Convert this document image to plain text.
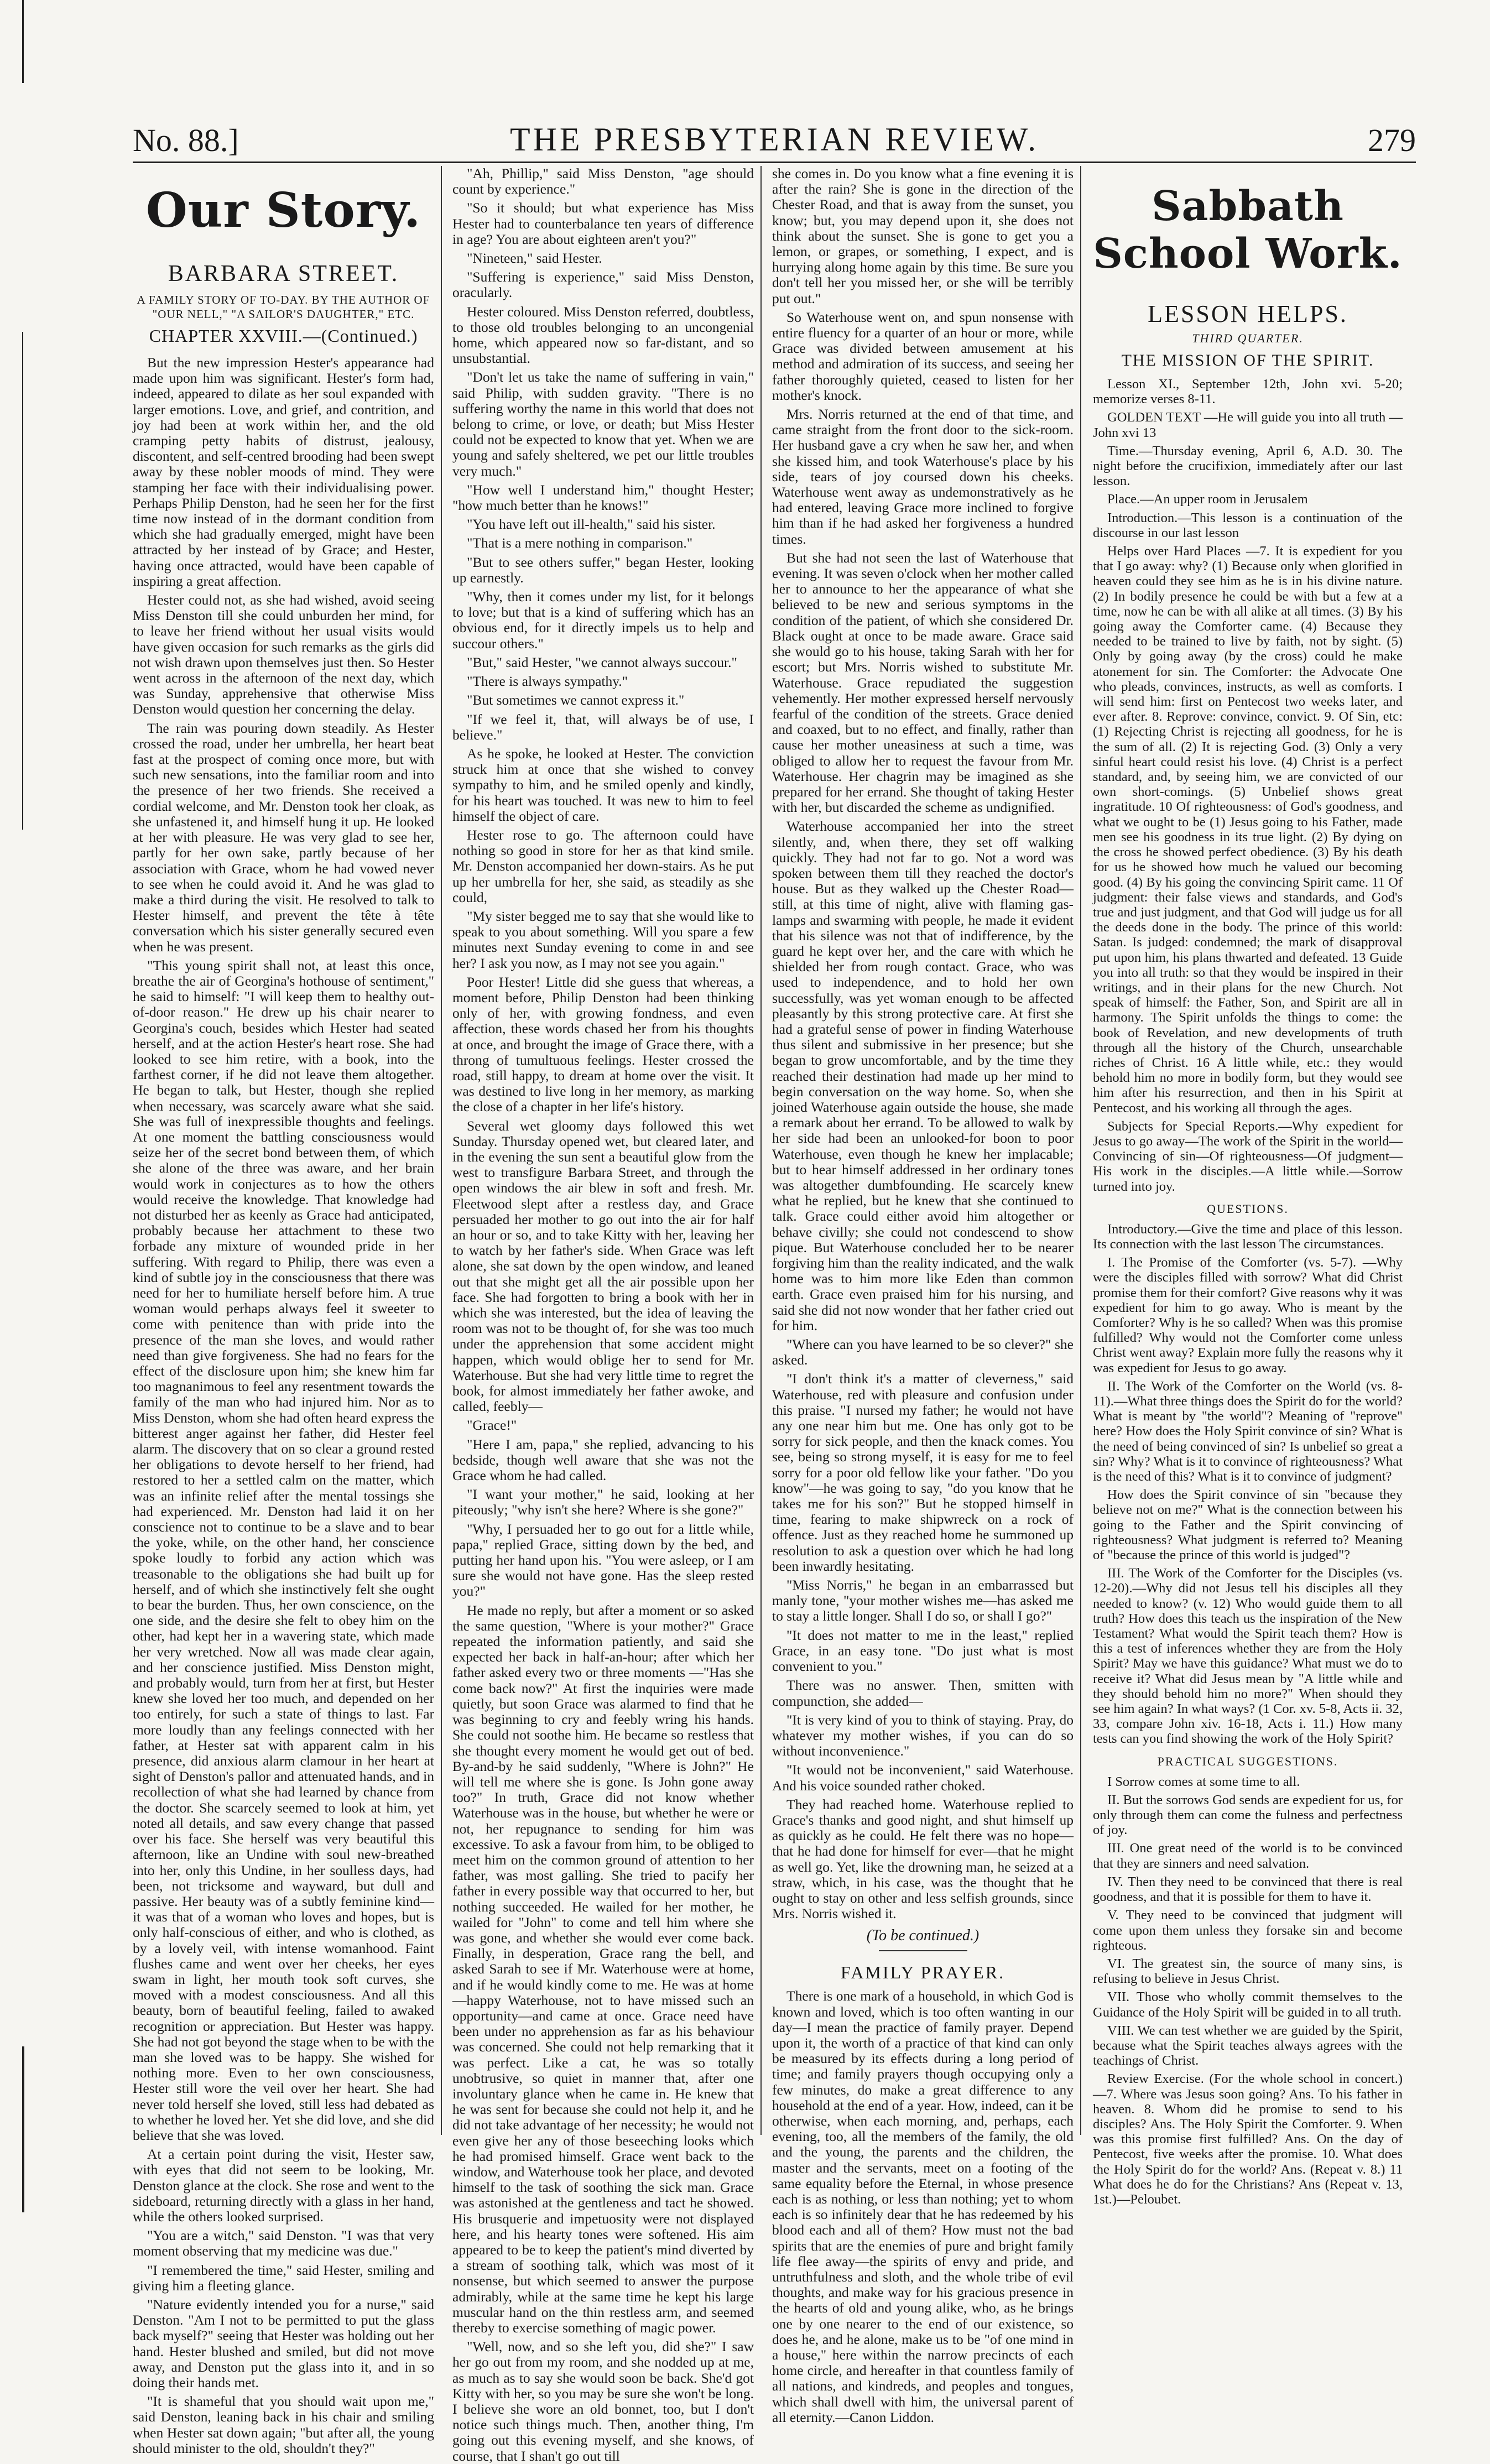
No. 88.]	THE PRESBYTERIAN REVIEW.	279
Our Story.
BARBARA STREET.
A FAMILY STORY OF TO-DAY. BY THE AUTHOR OF "OUR NELL," "A SAILOR'S DAUGHTER," ETC.
CHAPTER XXVIII.—(Continued.)

But the new impression Hester's appearance had made upon him was significant. Hester's form had, indeed, appeared to dilate as her soul expanded with larger emotions. Love, and grief, and contrition, and joy had been at work within her, and the old cramping petty habits of distrust, jealousy, discontent, and self-centred brooding had been swept away by these nobler moods of mind. They were stamping her face with their individualising power. Perhaps Philip Denston, had he seen her for the first time now instead of in the dormant condition from which she had gradually emerged, might have been attracted by her instead of by Grace; and Hester, having once attracted, would have been capable of inspiring a great affection.

Hester could not, as she had wished, avoid seeing Miss Denston till she could unburden her mind, for to leave her friend without her usual visits would have given occasion for such remarks as the girls did not wish drawn upon themselves just then. So Hester went across in the afternoon of the next day, which was Sunday, apprehensive that otherwise Miss Denston would question her concerning the delay.

The rain was pouring down steadily. As Hester crossed the road, under her umbrella, her heart beat fast at the prospect of coming once more, but with such new sensations, into the familiar room and into the presence of her two friends. She received a cordial welcome, and Mr. Denston took her cloak, as she unfastened it, and himself hung it up. He looked at her with pleasure. He was very glad to see her, partly for her own sake, partly because of her association with Grace, whom he had vowed never to see when he could avoid it. And he was glad to make a third during the visit. He resolved to talk to Hester himself, and prevent the tête à tête conversation which his sister generally secured even when he was present.

"This young spirit shall not, at least this once, breathe the air of Georgina's hothouse of sentiment," he said to himself: "I will keep them to healthy out-of-door reason." He drew up his chair nearer to Georgina's couch, besides which Hester had seated herself, and at the action Hester's heart rose. She had looked to see him retire, with a book, into the farthest corner, if he did not leave them altogether. He began to talk, but Hester, though she replied when necessary, was scarcely aware what she said. She was full of inexpressible thoughts and feelings. At one moment the battling consciousness would seize her of the secret bond between them, of which she alone of the three was aware, and her brain would work in conjectures as to how the others would receive the knowledge. That knowledge had not disturbed her as keenly as Grace had anticipated, probably because her attachment to these two forbade any mixture of wounded pride in her suffering. With regard to Philip, there was even a kind of subtle joy in the consciousness that there was need for her to humiliate herself before him. A true woman would perhaps always feel it sweeter to come with penitence than with pride into the presence of the man she loves, and would rather need than give forgiveness. She had no fears for the effect of the disclosure upon him; she knew him far too magnanimous to feel any resentment towards the family of the man who had injured him. Nor as to Miss Denston, whom she had often heard express the bitterest anger against her father, did Hester feel alarm. The discovery that on so clear a ground rested her obligations to devote herself to her friend, had restored to her a settled calm on the matter, which was an infinite relief after the mental tossings she had experienced. Mr. Denston had laid it on her conscience not to continue to be a slave and to bear the yoke, while, on the other hand, her conscience spoke loudly to forbid any action which was treasonable to the obligations she had built up for herself, and of which she instinctively felt she ought to bear the burden. Thus, her own conscience, on the one side, and the desire she felt to obey him on the other, had kept her in a wavering state, which made her very wretched. Now all was made clear again, and her conscience justified. Miss Denston might, and probably would, turn from her at first, but Hester knew she loved her too much, and depended on her too entirely, for such a state of things to last. Far more loudly than any feelings connected with her father, at Hester sat with apparent calm in his presence, did anxious alarm clamour in her heart at sight of Denston's pallor and attenuated hands, and in recollection of what she had learned by chance from the doctor. She scarcely seemed to look at him, yet noted all details, and saw every change that passed over his face. She herself was very beautiful this afternoon, like an Undine with soul new-breathed into her, only this Undine, in her soulless days, had been, not tricksome and wayward, but dull and passive. Her beauty was of a subtly feminine kind—it was that of a woman who loves and hopes, but is only half-conscious of either, and who is clothed, as by a lovely veil, with intense womanhood. Faint flushes came and went over her cheeks, her eyes swam in light, her mouth took soft curves, she moved with a modest consciousness. And all this beauty, born of beautiful feeling, failed to awaked recognition or appreciation. But Hester was happy. She had not got beyond the stage when to be with the man she loved was to be happy. She wished for nothing more. Even to her own consciousness, Hester still wore the veil over her heart. She had never told herself she loved, still less had debated as to whether he loved her. Yet she did love, and she did believe that she was loved.

At a certain point during the visit, Hester saw, with eyes that did not seem to be looking, Mr. Denston glance at the clock. She rose and went to the sideboard, returning directly with a glass in her hand, while the others looked surprised.

"You are a witch," said Denston. "I was that very moment observing that my medicine was due."

"I remembered the time," said Hester, smiling and giving him a fleeting glance.

"Nature evidently intended you for a nurse," said Denston. "Am I not to be permitted to put the glass back myself?" seeing that Hester was holding out her hand. Hester blushed and smiled, but did not move away, and Denston put the glass into it, and in so doing their hands met.

"It is shameful that you should wait upon me," said Denston, leaning back in his chair and smiling when Hester sat down again; "but after all, the young should minister to the old, shouldn't they?"

"Ah, Phillip," said Miss Denston, "age should count by experience."

"So it should; but what experience has Miss Hester had to counterbalance ten years of difference in age? You are about eighteen aren't you?"

"Nineteen," said Hester.

"Suffering is experience," said Miss Denston, oracularly.

Hester coloured. Miss Denston referred, doubtless, to those old troubles belonging to an uncongenial home, which appeared now so far-distant, and so unsubstantial.

"Don't let us take the name of suffering in vain," said Philip, with sudden gravity. "There is no suffering worthy the name in this world that does not belong to crime, or love, or death; but Miss Hester could not be expected to know that yet. When we are young and safely sheltered, we pet our little troubles very much."

"How well I understand him," thought Hester; "how much better than he knows!"

"You have left out ill-health," said his sister.

"That is a mere nothing in comparison."

"But to see others suffer," began Hester, looking up earnestly.

"Why, then it comes under my list, for it belongs to love; but that is a kind of suffering which has an obvious end, for it directly impels us to help and succour others."

"But," said Hester, "we cannot always succour."

"There is always sympathy."

"But sometimes we cannot express it."

"If we feel it, that, will always be of use, I believe."

As he spoke, he looked at Hester. The conviction struck him at once that she wished to convey sympathy to him, and he smiled openly and kindly, for his heart was touched. It was new to him to feel himself the object of care.

Hester rose to go. The afternoon could have nothing so good in store for her as that kind smile. Mr. Denston accompanied her down-stairs. As he put up her umbrella for her, she said, as steadily as she could,

"My sister begged me to say that she would like to speak to you about something. Will you spare a few minutes next Sunday evening to come in and see her? I ask you now, as I may not see you again."

Poor Hester! Little did she guess that whereas, a moment before, Philip Denston had been thinking only of her, with growing fondness, and even affection, these words chased her from his thoughts at once, and brought the image of Grace there, with a throng of tumultuous feelings. Hester crossed the road, still happy, to dream at home over the visit. It was destined to live long in her memory, as marking the close of a chapter in her life's history.

Several wet gloomy days followed this wet Sunday. Thursday opened wet, but cleared later, and in the evening the sun sent a beautiful glow from the west to transfigure Barbara Street, and through the open windows the air blew in soft and fresh. Mr. Fleetwood slept after a restless day, and Grace persuaded her mother to go out into the air for half an hour or so, and to take Kitty with her, leaving her to watch by her father's side. When Grace was left alone, she sat down by the open window, and leaned out that she might get all the air possible upon her face. She had forgotten to bring a book with her in which she was interested, but the idea of leaving the room was not to be thought of, for she was too much under the apprehension that some accident might happen, which would oblige her to send for Mr. Waterhouse. But she had very little time to regret the book, for almost immediately her father awoke, and called, feebly—

"Grace!"

"Here I am, papa," she replied, advancing to his bedside, though well aware that she was not the Grace whom he had called.

"I want your mother," he said, looking at her piteously; "why isn't she here? Where is she gone?"

"Why, I persuaded her to go out for a little while, papa," replied Grace, sitting down by the bed, and putting her hand upon his. "You were asleep, or I am sure she would not have gone. Has the sleep rested you?"

He made no reply, but after a moment or so asked the same question, "Where is your mother?" Grace repeated the information patiently, and said she expected her back in half-an-hour; after which her father asked every two or three moments —"Has she come back now?" At first the inquiries were made quietly, but soon Grace was alarmed to find that he was beginning to cry and feebly wring his hands. She could not soothe him. He became so restless that she thought every moment he would get out of bed. By-and-by he said suddenly, "Where is John?" He will tell me where she is gone. Is John gone away too?" In truth, Grace did not know whether Waterhouse was in the house, but whether he were or not, her repugnance to sending for him was excessive. To ask a favour from him, to be obliged to meet him on the common ground of attention to her father, was most galling. She tried to pacify her father in every possible way that occurred to her, but nothing succeeded. He wailed for her mother, he wailed for "John" to come and tell him where she was gone, and whether she would ever come back. Finally, in desperation, Grace rang the bell, and asked Sarah to see if Mr. Waterhouse were at home, and if he would kindly come to me. He was at home—happy Waterhouse, not to have missed such an opportunity—and came at once. Grace need have been under no apprehension as far as his behaviour was concerned. She could not help remarking that it was perfect. Like a cat, he was so totally unobtrusive, so quiet in manner that, after one involuntary glance when he came in. He knew that he was sent for because she could not help it, and he did not take advantage of her necessity; he would not even give her any of those beseeching looks which he had promised himself. Grace went back to the window, and Waterhouse took her place, and devoted himself to the task of soothing the sick man. Grace was astonished at the gentleness and tact he showed. His brusquerie and impetuosity were not displayed here, and his hearty tones were softened. His aim appeared to be to keep the patient's mind diverted by a stream of soothing talk, which was most of it nonsense, but which seemed to answer the purpose admirably, while at the same time he kept his large muscular hand on the thin restless arm, and seemed thereby to exercise something of magic power.

"Well, now, and so she left you, did she?" I saw her go out from my room, and she nodded up at me, as much as to say she would soon be back. She'd got Kitty with her, so you may be sure she won't be long. I believe she wore an old bonnet, too, but I don't notice such things much. Then, another thing, I'm going out this evening myself, and she knows, of course, that I shan't go out till

she comes in. Do you know what a fine evening it is after the rain? She is gone in the direction of the Chester Road, and that is away from the sunset, you know; but, you may depend upon it, she does not think about the sunset. She is gone to get you a lemon, or grapes, or something, I expect, and is hurrying along home again by this time. Be sure you don't tell her you missed her, or she will be terribly put out."

So Waterhouse went on, and spun nonsense with entire fluency for a quarter of an hour or more, while Grace was divided between amusement at his method and admiration of its success, and seeing her father thoroughly quieted, ceased to listen for her mother's knock.

Mrs. Norris returned at the end of that time, and came straight from the front door to the sick-room. Her husband gave a cry when he saw her, and when she kissed him, and took Waterhouse's place by his side, tears of joy coursed down his cheeks. Waterhouse went away as undemonstratively as he had entered, leaving Grace more inclined to forgive him than if he had asked her forgiveness a hundred times.

But she had not seen the last of Waterhouse that evening. It was seven o'clock when her mother called her to announce to her the appearance of what she believed to be new and serious symptoms in the condition of the patient, of which she considered Dr. Black ought at once to be made aware. Grace said she would go to his house, taking Sarah with her for escort; but Mrs. Norris wished to substitute Mr. Waterhouse. Grace repudiated the suggestion vehemently. Her mother expressed herself nervously fearful of the condition of the streets. Grace denied and coaxed, but to no effect, and finally, rather than cause her mother uneasiness at such a time, was obliged to allow her to request the favour from Mr. Waterhouse. Her chagrin may be imagined as she prepared for her errand. She thought of taking Hester with her, but discarded the scheme as undignified.

Waterhouse accompanied her into the street silently, and, when there, they set off walking quickly. They had not far to go. Not a word was spoken between them till they reached the doctor's house. But as they walked up the Chester Road—still, at this time of night, alive with flaming gas-lamps and swarming with people, he made it evident that his silence was not that of indifference, by the guard he kept over her, and the care with which he shielded her from rough contact. Grace, who was used to independence, and to hold her own successfully, was yet woman enough to be affected pleasantly by this strong protective care. At first she had a grateful sense of power in finding Waterhouse thus silent and submissive in her presence; but she began to grow uncomfortable, and by the time they reached their destination had made up her mind to begin conversation on the way home. So, when she joined Waterhouse again outside the house, she made a remark about her errand. To be allowed to walk by her side had been an unlooked-for boon to poor Waterhouse, even though he knew her implacable; but to hear himself addressed in her ordinary tones was altogether dumbfounding. He scarcely knew what he replied, but he knew that she continued to talk. Grace could either avoid him altogether or behave civilly; she could not condescend to show pique. But Waterhouse concluded her to be nearer forgiving him than the reality indicated, and the walk home was to him more like Eden than common earth. Grace even praised him for his nursing, and said she did not now wonder that her father cried out for him.

"Where can you have learned to be so clever?" she asked.

"I don't think it's a matter of cleverness," said Waterhouse, red with pleasure and confusion under this praise. "I nursed my father; he would not have any one near him but me. One has only got to be sorry for sick people, and then the knack comes. You see, being so strong myself, it is easy for me to feel sorry for a poor old fellow like your father. "Do you know"—he was going to say, "do you know that he takes me for his son?" But he stopped himself in time, fearing to make shipwreck on a rock of offence. Just as they reached home he summoned up resolution to ask a question over which he had long been inwardly hesitating.

"Miss Norris," he began in an embarrassed but manly tone, "your mother wishes me—has asked me to stay a little longer. Shall I do so, or shall I go?"

"It does not matter to me in the least," replied Grace, in an easy tone. "Do just what is most convenient to you."

There was no answer. Then, smitten with compunction, she added—

"It is very kind of you to think of staying. Pray, do whatever my mother wishes, if you can do so without inconvenience."

"It would not be inconvenient," said Waterhouse. And his voice sounded rather choked.

They had reached home. Waterhouse replied to Grace's thanks and good night, and shut himself up as quickly as he could. He felt there was no hope—that he had done for himself for ever—that he might as well go. Yet, like the drowning man, he seized at a straw, which, in his case, was the thought that he ought to stay on other and less selfish grounds, since Mrs. Norris wished it.

(To be continued.)
FAMILY PRAYER.

There is one mark of a household, in which God is known and loved, which is too often wanting in our day—I mean the practice of family prayer. Depend upon it, the worth of a practice of that kind can only be measured by its effects during a long period of time; and family prayers though occupying only a few minutes, do make a great difference to any household at the end of a year. How, indeed, can it be otherwise, when each morning, and, perhaps, each evening, too, all the members of the family, the old and the young, the parents and the children, the master and the servants, meet on a footing of the same equality before the Eternal, in whose presence each is as nothing, or less than nothing; yet to whom each is so infinitely dear that he has redeemed by his blood each and all of them? How must not the bad spirits that are the enemies of pure and bright family life flee away—the spirits of envy and pride, and untruthfulness and sloth, and the whole tribe of evil thoughts, and make way for his gracious presence in the hearts of old and young alike, who, as he brings one by one nearer to the end of our existence, so does he, and he alone, make us to be "of one mind in a house," here within the narrow precincts of each home circle, and hereafter in that countless family of all nations, and kindreds, and peoples and tongues, which shall dwell with him, the universal parent of all eternity.—Canon Liddon.

Sabbath School Work.
LESSON HELPS.
THIRD QUARTER.
THE MISSION OF THE SPIRIT.

Lesson XI., September 12th, John xvi. 5-20; memorize verses 8-11.

GOLDEN TEXT —He will guide you into all truth —John xvi 13

Time.—Thursday evening, April 6, A.D. 30. The night before the crucifixion, immediately after our last lesson.

Place.—An upper room in Jerusalem

Introduction.—This lesson is a continuation of the discourse in our last lesson

Helps over Hard Places —7. It is expedient for you that I go away: why? (1) Because only when glorified in heaven could they see him as he is in his divine nature. (2) In bodily presence he could be with but a few at a time, now he can be with all alike at all times. (3) By his going away the Comforter came. (4) Because they needed to be trained to live by faith, not by sight. (5) Only by going away (by the cross) could he make atonement for sin. The Comforter: the Advocate One who pleads, convinces, instructs, as well as comforts. I will send him: first on Pentecost two weeks later, and ever after. 8. Reprove: convince, convict. 9. Of Sin, etc: (1) Rejecting Christ is rejecting all goodness, for he is the sum of all. (2) It is rejecting God. (3) Only a very sinful heart could resist his love. (4) Christ is a perfect standard, and, by seeing him, we are convicted of our own short-comings. (5) Unbelief shows great ingratitude. 10 Of righteousness: of God's goodness, and what we ought to be (1) Jesus going to his Father, made men see his goodness in its true light. (2) By dying on the cross he showed perfect obedience. (3) By his death for us he showed how much he valued our becoming good. (4) By his going the convincing Spirit came. 11 Of judgment: their false views and standards, and God's true and just judgment, and that God will judge us for all the deeds done in the body. The prince of this world: Satan. Is judged: condemned; the mark of disapproval put upon him, his plans thwarted and defeated. 13 Guide you into all truth: so that they would be inspired in their writings, and in their plans for the new Church. Not speak of himself: the Father, Son, and Spirit are all in harmony. The Spirit unfolds the things to come: the book of Revelation, and new developments of truth through all the history of the Church, unsearchable riches of Christ. 16 A little while, etc.: they would behold him no more in bodily form, but they would see him after his resurrection, and then in his Spirit at Pentecost, and his working all through the ages.

Subjects for Special Reports.—Why expedient for Jesus to go away—The work of the Spirit in the world—Convincing of sin—Of righteousness—Of judgment—His work in the disciples.—A little while.—Sorrow turned into joy.

QUESTIONS.

Introductory.—Give the time and place of this lesson. Its connection with the last lesson The circumstances.

I. The Promise of the Comforter (vs. 5-7). —Why were the disciples filled with sorrow? What did Christ promise them for their comfort? Give reasons why it was expedient for him to go away. Who is meant by the Comforter? Why is he so called? When was this promise fulfilled? Why would not the Comforter come unless Christ went away? Explain more fully the reasons why it was expedient for Jesus to go away.

II. The Work of the Comforter on the World (vs. 8-11).—What three things does the Spirit do for the world? What is meant by "the world"? Meaning of "reprove" here? How does the Holy Spirit convince of sin? What is the need of being convinced of sin? Is unbelief so great a sin? Why? What is it to convince of righteousness? What is the need of this? What is it to convince of judgment?

How does the Spirit convince of sin "because they believe not on me?" What is the connection between his going to the Father and the Spirit convincing of righteousness? What judgment is referred to? Meaning of "because the prince of this world is judged"?

III. The Work of the Comforter for the Disciples (vs. 12-20).—Why did not Jesus tell his disciples all they needed to know? (v. 12) Who would guide them to all truth? How does this teach us the inspiration of the New Testament? What would the Spirit teach them? How is this a test of inferences whether they are from the Holy Spirit? May we have this guidance? What must we do to receive it? What did Jesus mean by "A little while and they should behold him no more?" When should they see him again? In what ways? (1 Cor. xv. 5-8, Acts ii. 32, 33, compare John xiv. 16-18, Acts i. 11.) How many tests can you find showing the work of the Holy Spirit?

PRACTICAL SUGGESTIONS.

I Sorrow comes at some time to all.

II. But the sorrows God sends are expedient for us, for only through them can come the fulness and perfectness of joy.

III. One great need of the world is to be convinced that they are sinners and need salvation.

IV. Then they need to be convinced that there is real goodness, and that it is possible for them to have it.

V. They need to be convinced that judgment will come upon them unless they forsake sin and become righteous.

VI. The greatest sin, the source of many sins, is refusing to believe in Jesus Christ.

VII. Those who wholly commit themselves to the Guidance of the Holy Spirit will be guided in to all truth.

VIII. We can test whether we are guided by the Spirit, because what the Spirit teaches always agrees with the teachings of Christ.

Review Exercise. (For the whole school in concert.)—7. Where was Jesus soon going? Ans. To his father in heaven. 8. Whom did he promise to send to his disciples? Ans. The Holy Spirit the Comforter. 9. When was this promise first fulfilled? Ans. On the day of Pentecost, five weeks after the promise. 10. What does the Holy Spirit do for the world? Ans. (Repeat v. 8.) 11 What does he do for the Christians? Ans (Repeat v. 13, 1st.)—Peloubet.
